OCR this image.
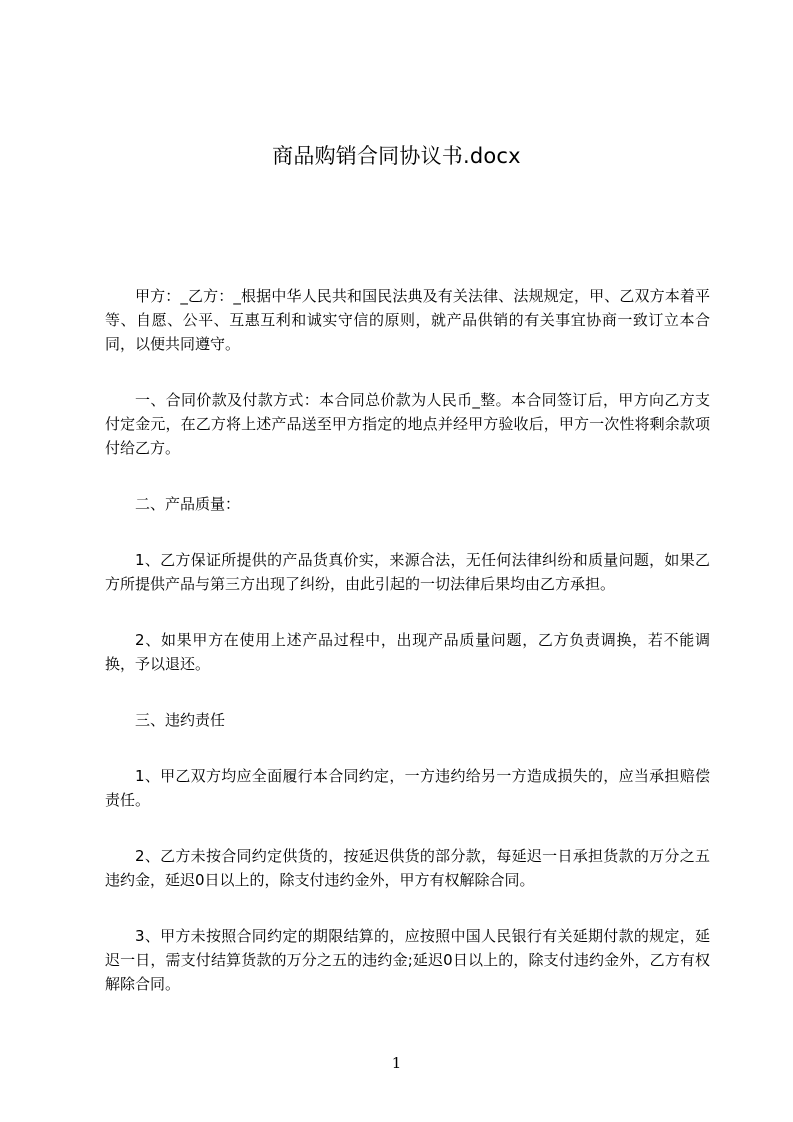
商品购销合同协议书.docx

甲方：_乙方：_根据中华人民共和国民法典及有关法律、法规规定，甲、乙双方本着平等、自愿、公平、互惠互利和诚实守信的原则，就产品供销的有关事宜协商一致订立本合同，以便共同遵守。

一、合同价款及付款方式：本合同总价款为人民币_整。本合同签订后，甲方向乙方支付定金元，在乙方将上述产品送至甲方指定的地点并经甲方验收后，甲方一次性将剩余款项付给乙方。

二、产品质量：

1、乙方保证所提供的产品货真价实，来源合法，无任何法律纠纷和质量问题，如果乙方所提供产品与第三方出现了纠纷，由此引起的一切法律后果均由乙方承担。

2、如果甲方在使用上述产品过程中，出现产品质量问题，乙方负责调换，若不能调换，予以退还。

三、违约责任

1、甲乙双方均应全面履行本合同约定，一方违约给另一方造成损失的，应当承担赔偿责任。

2、乙方未按合同约定供货的，按延迟供货的部分款，每延迟一日承担货款的万分之五违约金，延迟0日以上的，除支付违约金外，甲方有权解除合同。

3、甲方未按照合同约定的期限结算的，应按照中国人民银行有关延期付款的规定，延迟一日，需支付结算货款的万分之五的违约金;延迟0日以上的，除支付违约金外，乙方有权解除合同。

1
